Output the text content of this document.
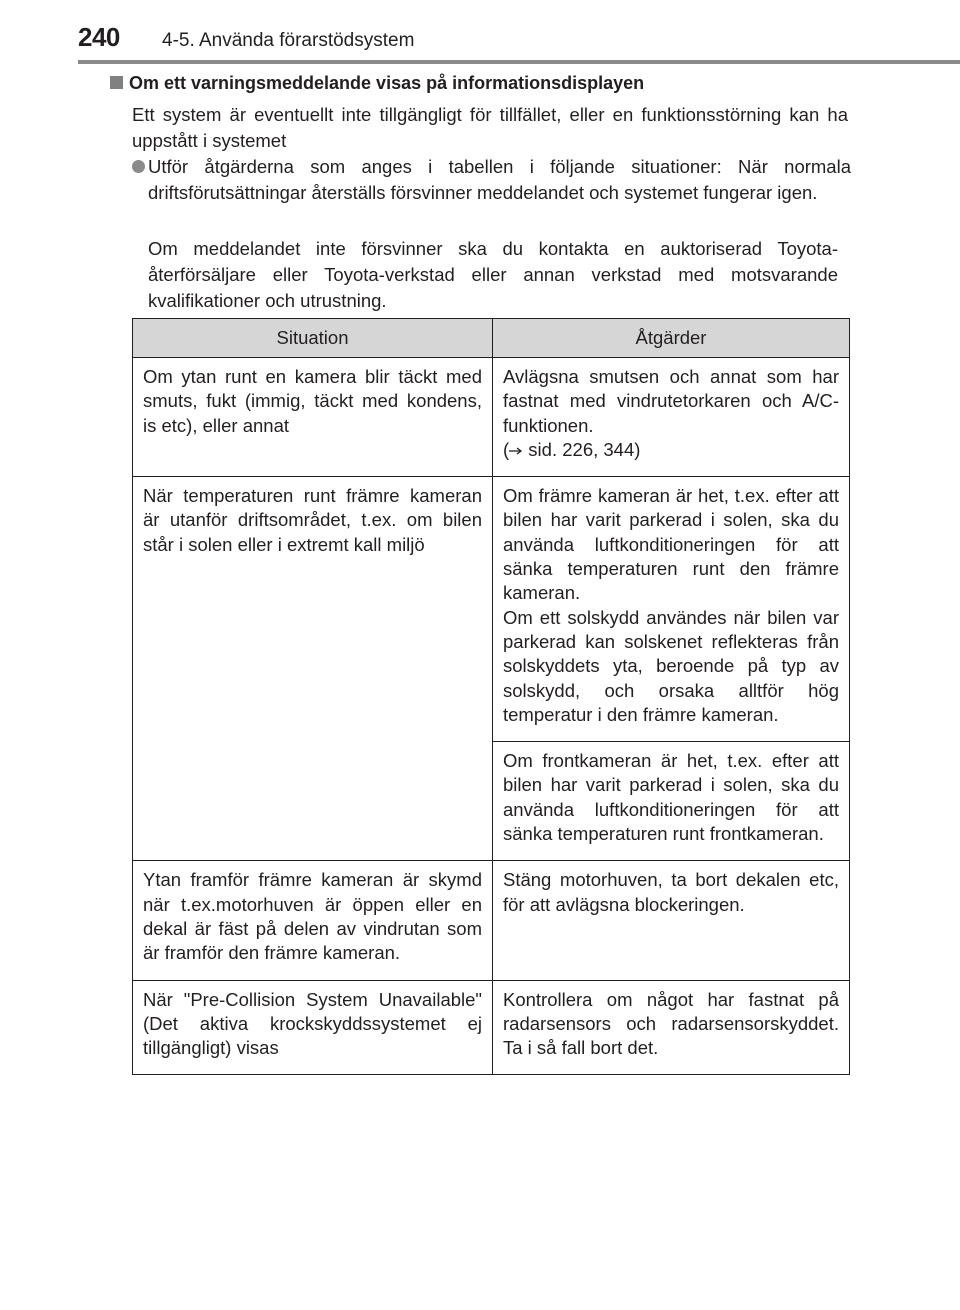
240 4-5. Använda förarstödsystem
Om ett varningsmeddelande visas på informationsdisplayen
Ett system är eventuellt inte tillgängligt för tillfället, eller en funktionsstörning kan ha uppstått i systemet
Utför åtgärderna som anges i tabellen i följande situationer: När normala driftsförutsättningar återställs försvinner meddelandet och systemet fungerar igen.
Om meddelandet inte försvinner ska du kontakta en auktoriserad Toyota-återförsäljare eller Toyota-verkstad eller annan verkstad med motsvarande kvalifikationer och utrustning.
Situation	Åtgärder
Om ytan runt en kamera blir täckt med smuts, fukt (immig, täckt med kondens, is etc), eller annat	Avlägsna smutsen och annat som har fastnat med vindrutetorkaren och A/C-funktionen.
( sid. 226, 344)
När temperaturen runt främre kameran är utanför driftsområdet, t.ex. om bilen står i solen eller i extremt kall miljö	Om främre kameran är het, t.ex. efter att bilen har varit parkerad i solen, ska du använda luftkonditioneringen för att sänka temperaturen runt den främre kameran.
Om ett solskydd användes när bilen var parkerad kan solskenet reflekteras från solskyddets yta, beroende på typ av solskydd, och orsaka alltför hög temperatur i den främre kameran.
	Om frontkameran är het, t.ex. efter att bilen har varit parkerad i solen, ska du använda luftkonditioneringen för att sänka temperaturen runt frontkameran.
Ytan framför främre kameran är skymd när t.ex.motorhuven är öppen eller en dekal är fäst på delen av vindrutan som är framför den främre kameran.	Stäng motorhuven, ta bort dekalen etc, för att avlägsna blockeringen.
När "Pre-Collision System Unavailable" (Det aktiva krockskyddssystemet ej tillgängligt) visas	Kontrollera om något har fastnat på radarsensors och radarsensorskyddet. Ta i så fall bort det.
